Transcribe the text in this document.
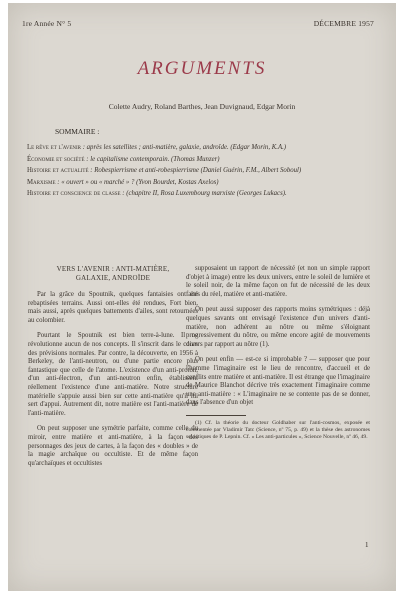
1re Année N° 5	DÉCEMBRE 1957
ARGUMENTS
Colette Audry, Roland Barthes, Jean Duvignaud, Edgar Morin
SOMMAIRE :
Le rêve et l'avenir : après les satellites ; anti-matière, galaxie, androïde. (Edgar Morin, K.A.)
Économie et société : le capitalisme contemporain. (Thomas Munzer)
Histoire et actualité : Robespierrisme et anti-robespierrisme (Daniel Guérin, F.M., Albert Soboul)
Marxisme : « ouvert » ou « marché » ? (Yvon Bourdet, Kostas Axelos)
Histoire et conscience de classe : (chapitre II, Rosa Luxembourg marxiste (Georges Lukacs).
VERS L'AVENIR : ANTI-MATIÈRE,
GALAXIE, ANDROÏDE

Par la grâce du Spoutnik, quelques fantaisies ont été rebaptisées terrains. Aussi ont-elles été rendues, Fort bien, mais aussi, après quelques battements d'ailes, sont retournées au colombier.

Pourtant le Spoutnik est bien terre-à-lune. Il ne révolutionne aucun de nos concepts. Il s'inscrit dans le cours des prévisions normales. Par contre, la découverte, en 1956 à Berkeley, de l'anti-neutron, ou d'une partie encore plus fantastique que celle de l'atome. L'existence d'un anti-proton, d'un anti-électron, d'un anti-neutron enfin, établissent réellement l'existence d'une anti-matière. Notre structure matérielle s'appuie aussi bien sur cette anti-matière qu'il lui sert d'appui. Autrement dit, notre matière est l'anti-matière de l'anti-matière.

On peut supposer une symétrie parfaite, comme celle du miroir, entre matière et anti-matière, à la façon des personnages des jeux de cartes, à la façon des « doubles » de la magie archaïque ou occultiste. Et de même façon qu'archaïques et occultistes

supposaient un rapport de nécessité (et non un simple rapport d'objet à image) entre les deux univers, entre le soleil de lumière et le soleil noir, de la même façon on fut de nécessité de les deux faces du réel, matière et anti-matière.

On peut aussi supposer des rapports moins symétriques : déjà quelques savants ont envisagé l'existence d'un univers d'anti-matière, non adhérent au nôtre ou même s'éloignant progressivement du nôtre, ou même encore agité de mouvements divers par rapport au nôtre (1).

On peut enfin — est-ce si improbable ? — supposer que pour l'homme l'imaginaire est le lieu de rencontre, d'accueil et de conflits entre matière et anti-matière. Il est étrange que l'imaginaire de Maurice Blanchot décrive très exactement l'imaginaire comme une anti-matière : « L'imaginaire ne se contente pas de se donner, dans l'absence d'un objet

(1) Cf. la théorie du docteur Goldhaber sur l'anti-cosmos, exposée et commentée par Vladimir Tatc (Science, nº 75, p. 49) et la thèse des astronomes soviétiques de P. Lepnin. Cf. « Les anti-particules », Science Nouvelle, nº 46, 49.

1
